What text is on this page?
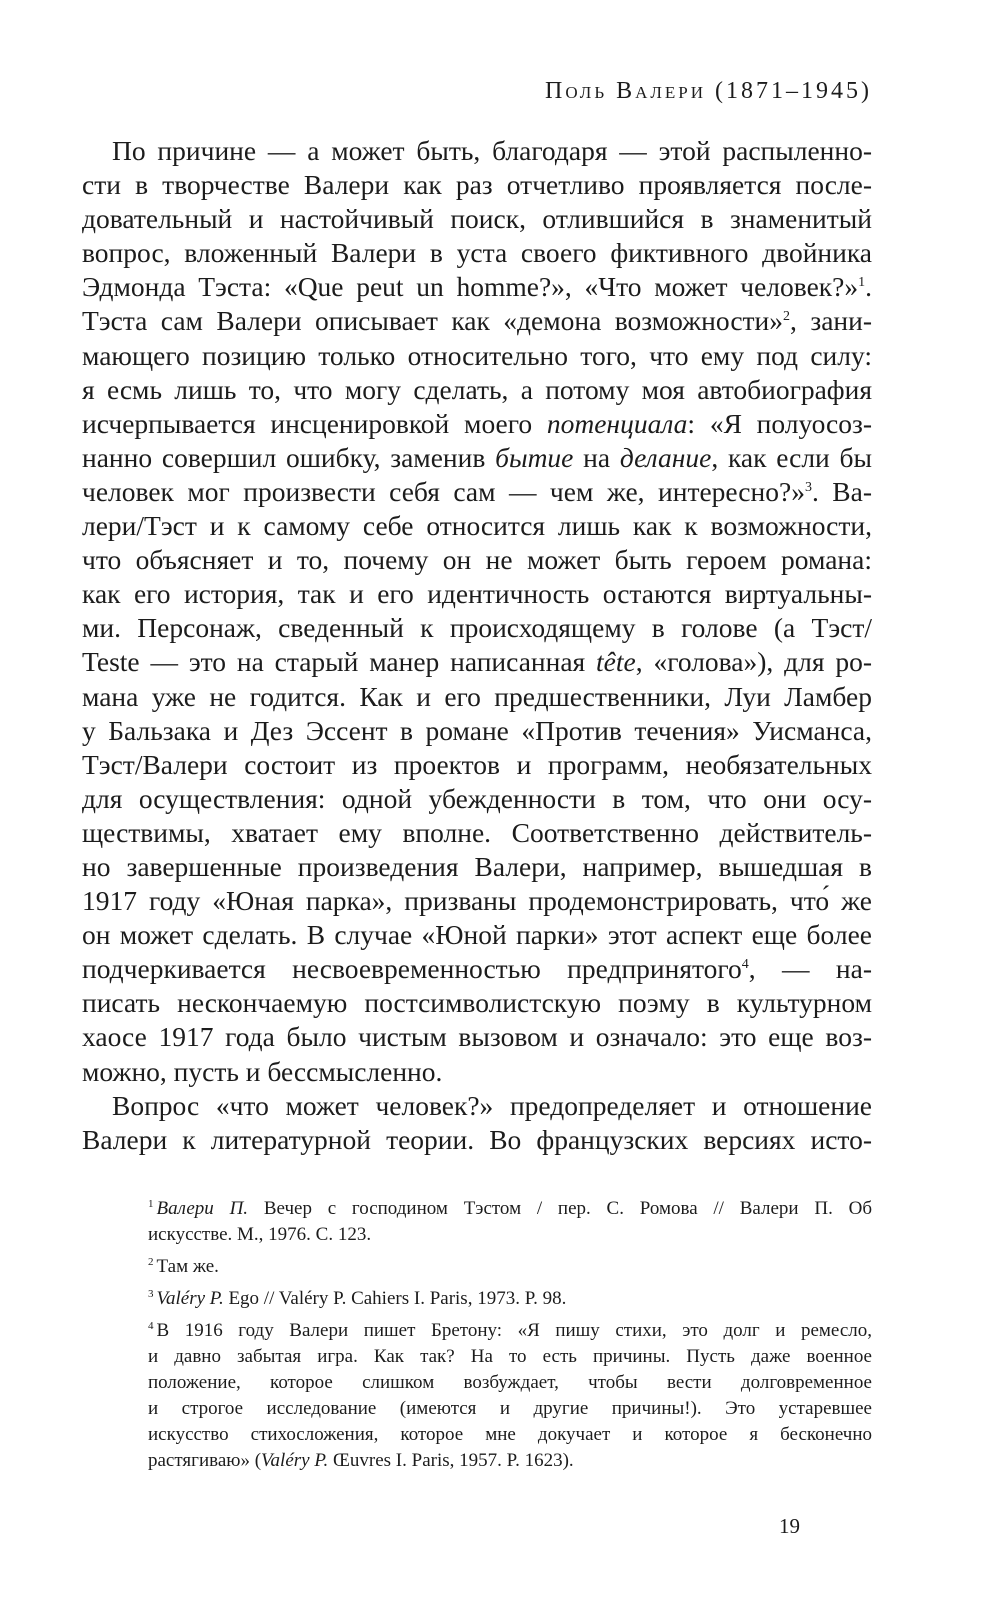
Поль Валери (1871–1945)
По причине — а может быть, благодаря — этой распыленно-
сти в творчестве Валери как раз отчетливо проявляется после-
довательный и настойчивый поиск, отлившийся в знаменитый
вопрос, вложенный Валери в уста своего фиктивного двойника
Эдмонда Тэста: «Que peut un homme?», «Что может человек?»$^1$.
Тэста сам Валери описывает как «демона возможности»$^2$, зани-
мающего позицию только относительно того, что ему под силу:
я есмь лишь то, что могу сделать, а потому моя автобиография
исчерпывается инсценировкой моего потенциала: «Я полуосоз-
нанно совершил ошибку, заменив бытие на делание, как если бы
человек мог произвести себя сам — чем же, интересно?»$^3$. Ва-
лери/Тэст и к самому себе относится лишь как к возможности,
что объясняет и то, почему он не может быть героем романа:
как его история, так и его идентичность остаются виртуальны-
ми. Персонаж, сведенный к происходящему в голове (а Тэст/
Teste — это на старый манер написанная tête, «голова»), для ро-
мана уже не годится. Как и его предшественники, Луи Ламбер
у Бальзака и Дез Эссент в романе «Против течения» Уисманса,
Тэст/Валери состоит из проектов и программ, необязательных
для осуществления: одной убежденности в том, что они осу-
ществимы, хватает ему вполне. Соответственно действитель-
но завершенные произведения Валери, например, вышедшая в
1917 году «Юная парка», призваны продемонстрировать, что́ же
он может сделать. В случае «Юной парки» этот аспект еще более
подчеркивается несвоевременностью предпринятого$^4$, — на-
писать нескончаемую постсимволистскую поэму в культурном
хаосе 1917 года было чистым вызовом и означало: это еще воз-
можно, пусть и бессмысленно.
Вопрос «что может человек?» предопределяет и отношение
Валери к литературной теории. Во французских версиях исто-
$^1$ Валери П. Вечер с господином Тэстом / пер. С. Ромова // Валери П. Об
искусстве. М., 1976. С. 123.
$^2$ Там же.
$^3$ Valéry P. Ego // Valéry P. Cahiers I. Paris, 1973. P. 98.
$^4$ В 1916 году Валери пишет Бретону: «Я пишу стихи, это долг и ремесло,
и давно забытая игра. Как так? На то есть причины. Пусть даже военное
положение, которое слишком возбуждает, чтобы вести долговременное
и строгое исследование (имеются и другие причины!). Это устаревшее
искусство стихосложения, которое мне докучает и которое я бесконечно
растягиваю» (Valéry P. Œuvres I. Paris, 1957. P. 1623).
19
